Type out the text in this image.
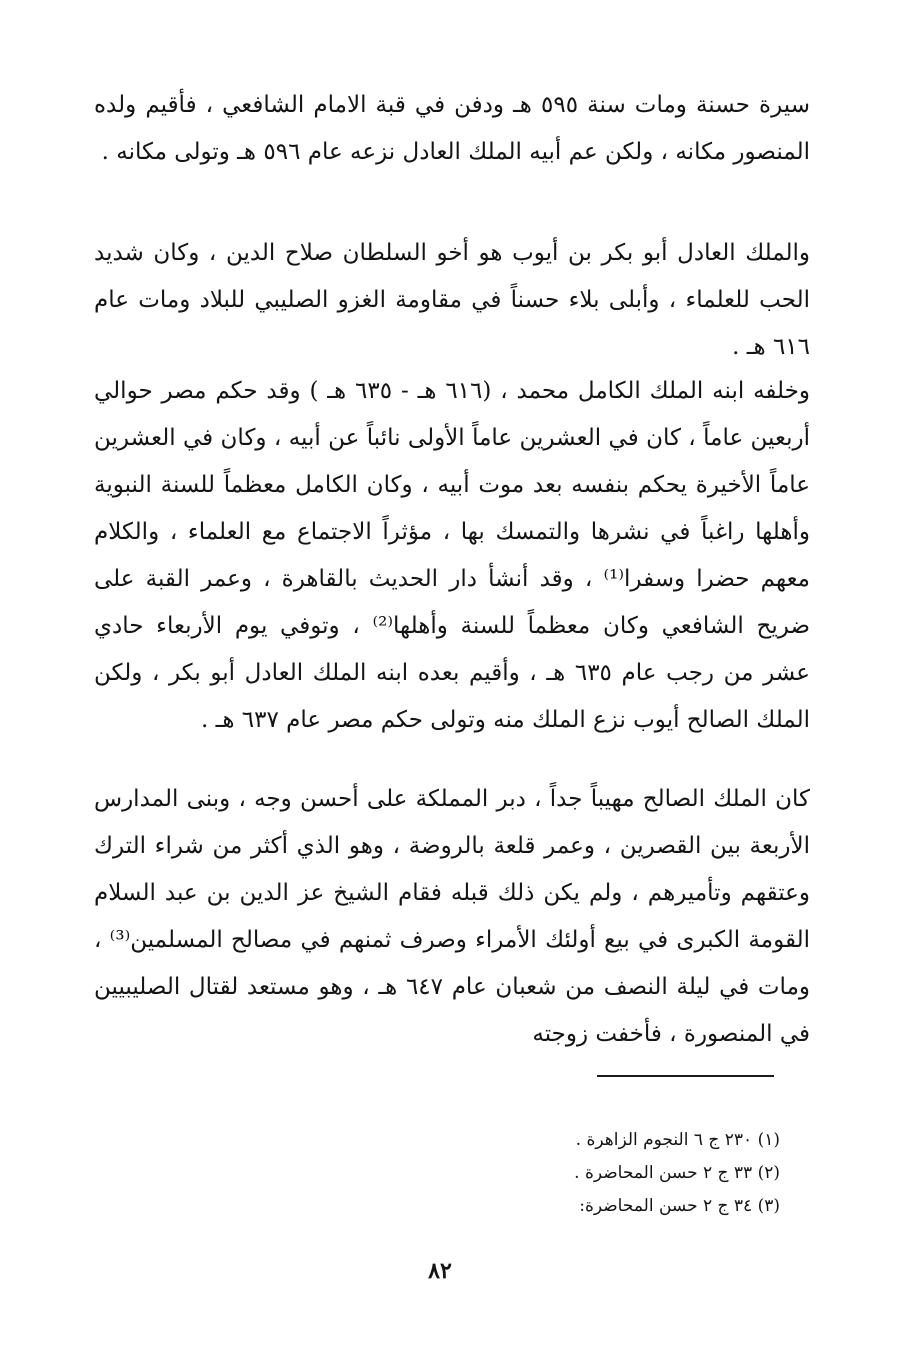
سيرة حسنة ومات سنة ٥٩٥ هـ ودفن في قبة الامام الشافعي ، فأقيم ولده المنصور مكانه ، ولكن عم أبيه الملك العادل نزعه عام ٥٩٦ هـ وتولى مكانه .

والملك العادل أبو بكر بن أيوب هو أخو السلطان صلاح الدين ، وكان شديد الحب للعلماء ، وأبلى بلاء حسناً في مقاومة الغزو الصليبي للبلاد ومات عام ٦١٦ هـ .

وخلفه ابنه الملك الكامل محمد ، (٦١٦ هـ - ٦٣٥ هـ ) وقد حكم مصر حوالي أربعين عاماً ، كان في العشرين عاماً الأولى نائباً عن أبيه ، وكان في العشرين عاماً الأخيرة يحكم بنفسه بعد موت أبيه ، وكان الكامل معظماً للسنة النبوية وأهلها راغباً في نشرها والتمسك بها ، مؤثراً الاجتماع مع العلماء ، والكلام معهم حضرا وسفرا⁽¹⁾ ، وقد أنشأ دار الحديث بالقاهرة ، وعمر القبة على ضريح الشافعي وكان معظماً للسنة وأهلها⁽²⁾ ، وتوفي يوم الأربعاء حادي عشر من رجب عام ٦٣٥ هـ ، وأقيم بعده ابنه الملك العادل أبو بكر ، ولكن الملك الصالح أيوب نزع الملك منه وتولى حكم مصر عام ٦٣٧ هـ .

كان الملك الصالح مهيباً جداً ، دبر المملكة على أحسن وجه ، وبنى المدارس الأربعة بين القصرين ، وعمر قلعة بالروضة ، وهو الذي أكثر من شراء الترك وعتقهم وتأميرهم ، ولم يكن ذلك قبله فقام الشيخ عز الدين بن عبد السلام القومة الكبرى في بيع أولئك الأمراء وصرف ثمنهم في مصالح المسلمين⁽³⁾ ، ومات في ليلة النصف من شعبان عام ٦٤٧ هـ ، وهو مستعد لقتال الصليبيين في المنصورة ، فأخفت زوجته

(١) ٢٣٠ ج ٦ النجوم الزاهرة .
(٢) ٣٣ ج ٢ حسن المحاضرة .
(٣) ٣٤ ج ٢ حسن المحاضرة:
٨٢
